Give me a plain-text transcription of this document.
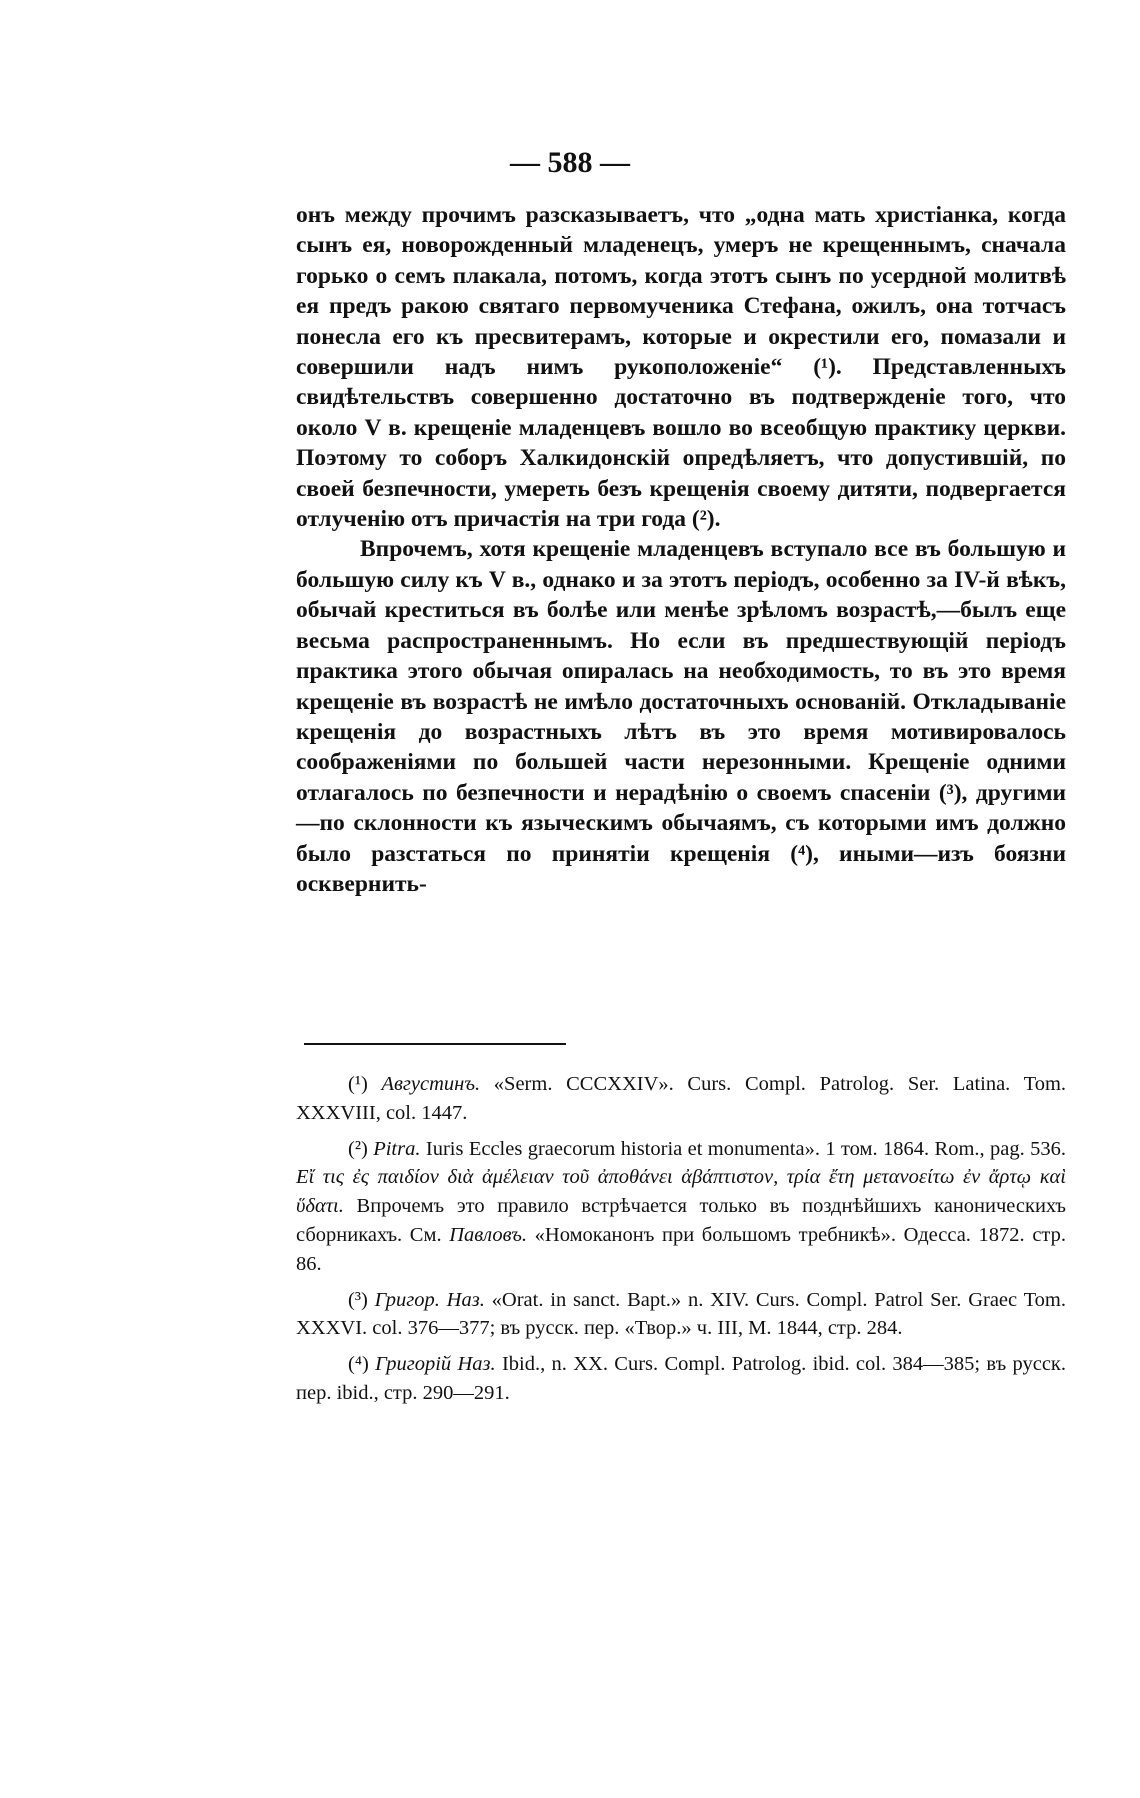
— 588 —

онъ между прочимъ разсказываетъ, что „одна мать христіанка, когда сынъ ея, новорожденный младенецъ, умеръ не крещеннымъ, сначала горько о семъ плакала, потомъ, когда этотъ сынъ по усердной молитвѣ ея предъ ракою святаго первомученика Стефана, ожилъ, она тотчасъ понесла его къ пресвитерамъ, которые и окрестили его, помазали и совершили надъ нимъ рукоположеніе“ (¹). Представленныхъ свидѣтельствъ совершенно достаточно въ подтвержденіе того, что около V в. крещеніе младенцевъ вошло во всеобщую практику церкви. Поэтому то соборъ Халкидонскій опредѣляетъ, что допустившій, по своей безпечности, умереть безъ крещенія своему дитяти, подвергается отлученію отъ причастія на три года (²).

Впрочемъ, хотя крещеніе младенцевъ вступало все въ большую и большую силу къ V в., однако и за этотъ періодъ, особенно за IV-й вѣкъ, обычай креститься въ болѣе или менѣе зрѣломъ возрастѣ,—былъ еще весьма распространеннымъ. Но если въ предшествующій періодъ практика этого обычая опиралась на необходимость, то въ это время крещеніе въ возрастѣ не имѣло достаточныхъ основаній. Откладываніе крещенія до возрастныхъ лѣтъ въ это время мотивировалось соображеніями по большей части нерезонными. Крещеніе одними отлагалось по безпечности и нерадѣнію о своемъ спасеніи (³), другими—по склонности къ языческимъ обычаямъ, съ которыми имъ должно было разстаться по принятіи крещенія (⁴), иными—изъ боязни осквернить-

(¹) Августинъ. «Serm. CCCXXIV». Curs. Compl. Patrolog. Ser. Latina. Tom. XXXVIII, col. 1447.

(²) Pitra. Iuris Eccles graecorum historia et monumenta». 1 том. 1864. Rom., pag. 536. Εἴ τις ἐς παιδίον διὰ ἀμέλειαν τοῦ ἀποθάνει ἀβάπτιστον, τρία ἔτη μετανοείτω ἐν ἄρτῳ καὶ ὕδατι. Впрочемъ это правило встрѣчается только въ позднѣйшихъ каноническихъ сборникахъ. См. Павловъ. «Номоканонъ при большомъ требникѣ». Одесса. 1872. стр. 86.

(³) Григор. Наз. «Orat. in sanct. Bapt.» n. XIV. Curs. Compl. Patrol Ser. Graec Tom. XXXVI. col. 376—377; въ русск. пер. «Твор.» ч. III, М. 1844, стр. 284.

(⁴) Григорій Наз. Ibid., n. XX. Curs. Compl. Patrolog. ibid. col. 384—385; въ русск. пер. ibid., стр. 290—291.
